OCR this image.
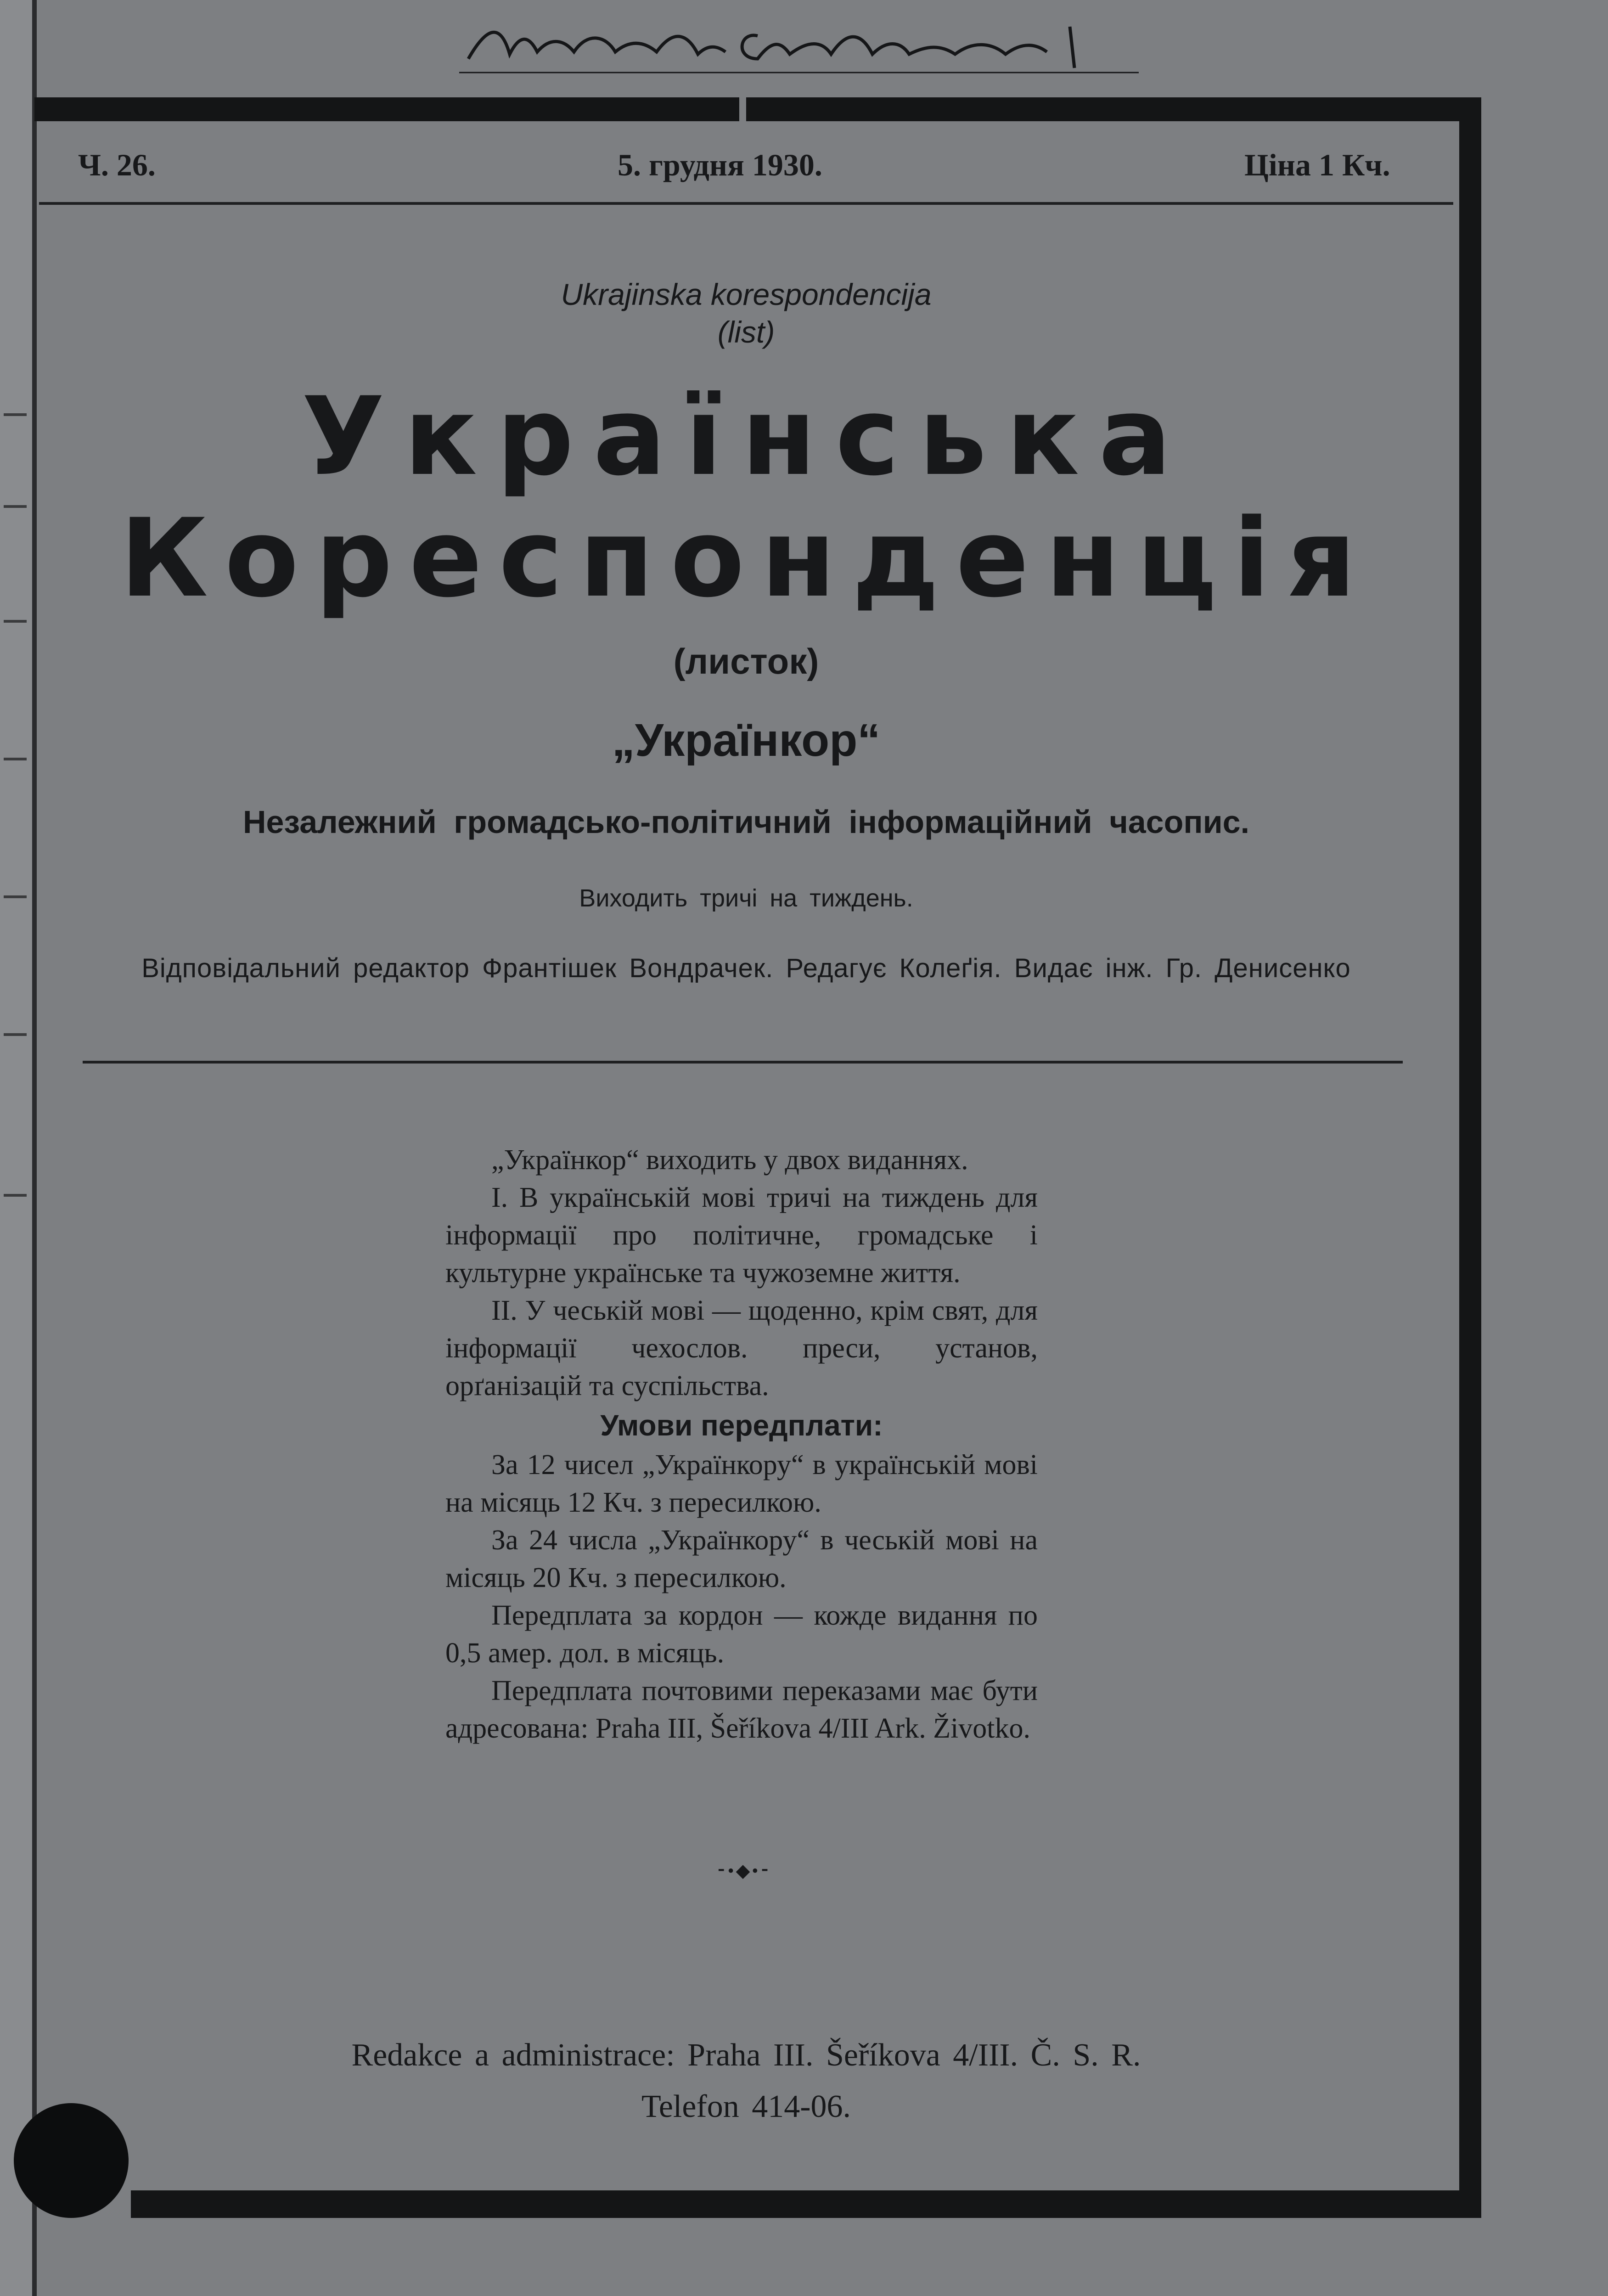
Ч. 26.	5. грудня 1930.	Ціна 1 Кч.
Ukrajinska korespondencija
(list)
Українська
Кореспонденція
(листок)
„Українкор“
Незалежний громадсько-політичний інформаційний часопис.
Виходить тричі на тиждень.
Відповідальний редактор Франтішек Вондрачек. Редагує Колеґія. Видає інж. Гр. Денисенко

„Українкор“ виходить у двох виданнях.

I. В українській мові тричі на тиждень для інформації про політичне, громадське і культурне українське та чужоземне життя.

II. У чеській мові — щоденно, крім свят, для інформації чехослов. преси, установ, орґанізацій та суспільства.

Умови передплати:

За 12 чисел „Українкору“ в українській мові на місяць 12 Кч. з пересилкою.

За 24 числа „Українкору“ в чеській мові на місяць 20 Кч. з пересилкою.

Передплата за кордон — кожде видання по 0,5 амер. дол. в місяць.

Передплата почтовими перекaзами має бути адресована: Praha III, Šeříkova 4/III Ark. Životko.

⁃•◆•⁃
Redakce a administrace: Praha III. Šeříkova 4/III. Č. S. R.
Telefon 414-06.
